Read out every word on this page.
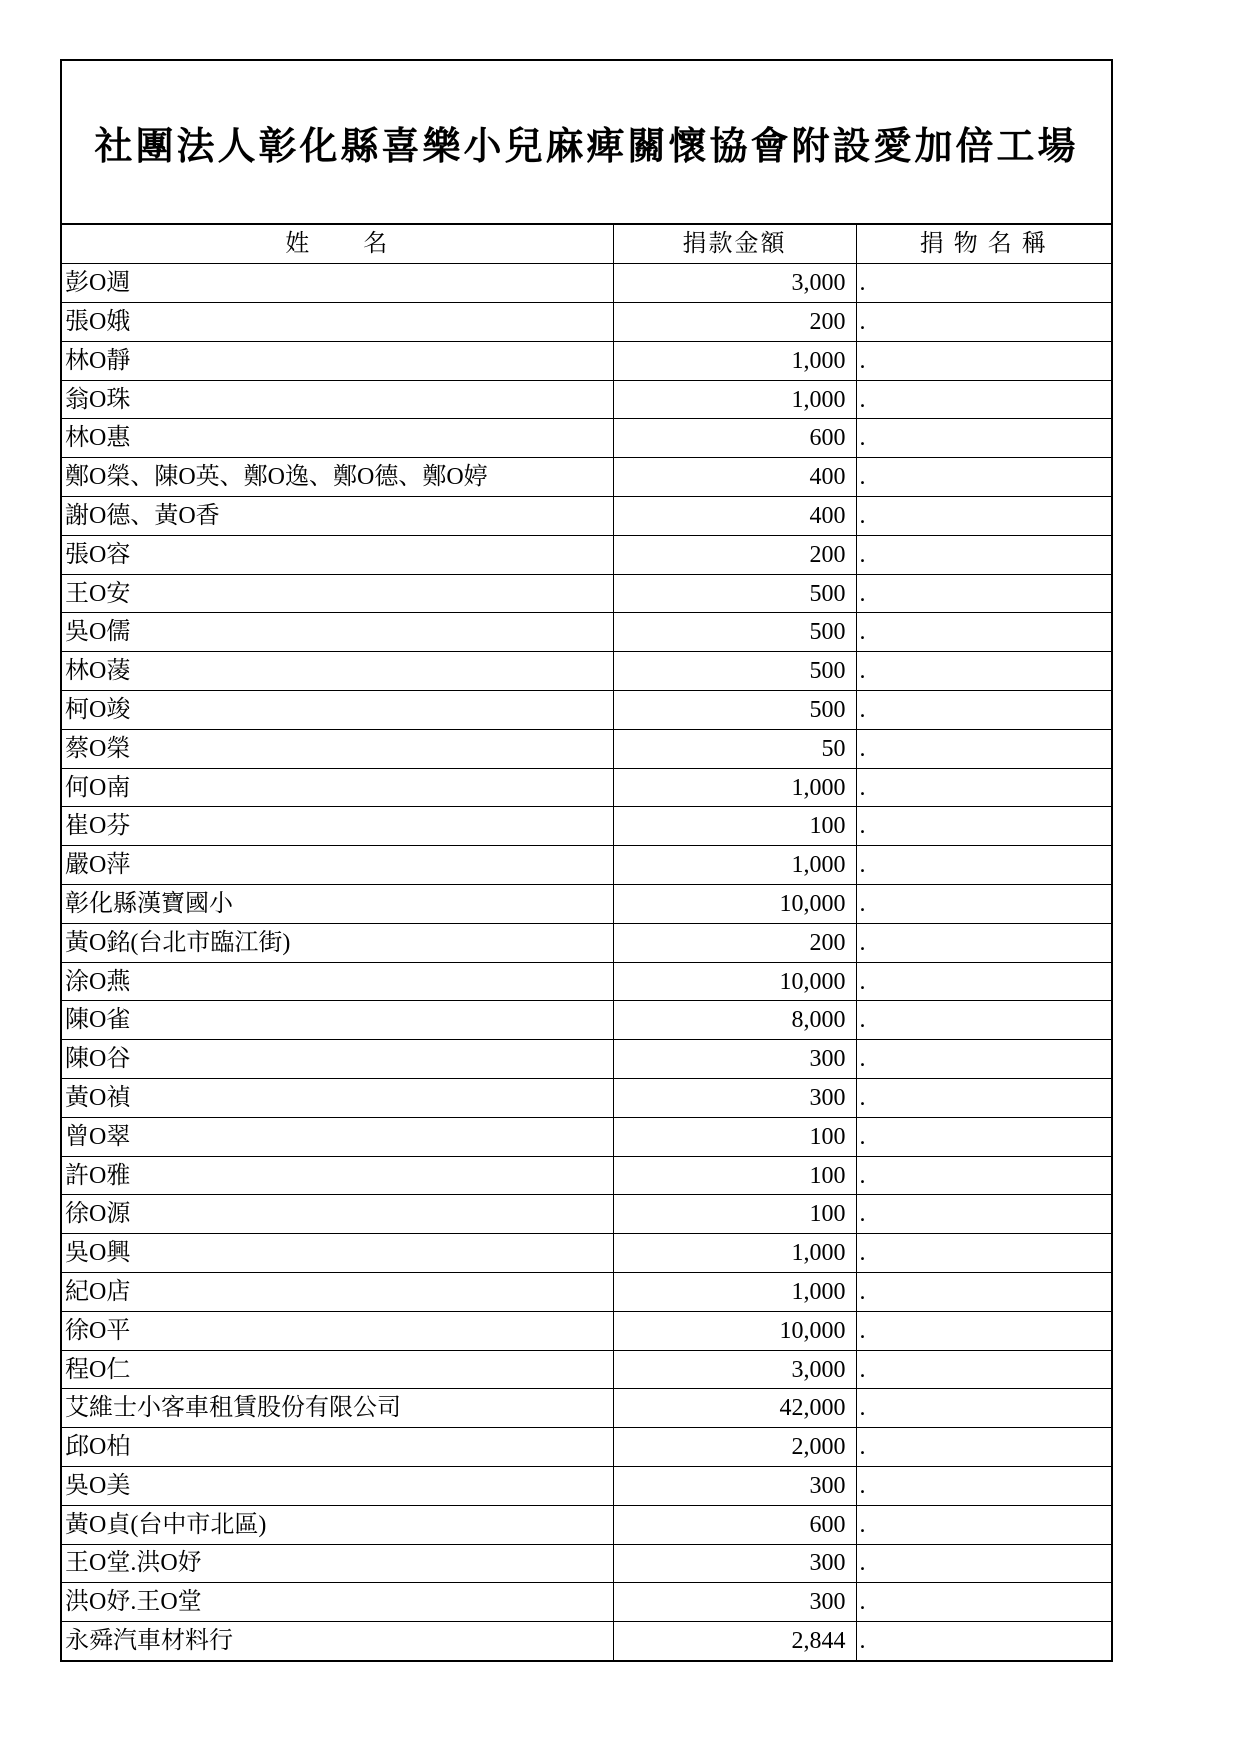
社團法人彰化縣喜樂小兒麻痺關懷協會附設愛加倍工場
姓　　名	捐款金額	捐 物 名 稱
彭O週	3,000	.
張O娥	200	.
林O靜	1,000	.
翁O珠	1,000	.
林O惠	600	.
鄭O榮、陳O英、鄭O逸、鄭O德、鄭O婷	400	.
謝O德、黃O香	400	.
張O容	200	.
王O安	500	.
吳O儒	500	.
林O蓤	500	.
柯O竣	500	.
蔡O榮	50	.
何O南	1,000	.
崔O芬	100	.
嚴O萍	1,000	.
彰化縣漢寶國小	10,000	.
黃O銘(台北市臨江街)	200	.
涂O燕	10,000	.
陳O雀	8,000	.
陳O谷	300	.
黃O禎	300	.
曾O翠	100	.
許O雅	100	.
徐O源	100	.
吳O興	1,000	.
紀O店	1,000	.
徐O平	10,000	.
程O仁	3,000	.
艾維士小客車租賃股份有限公司	42,000	.
邱O柏	2,000	.
吳O美	300	.
黃O貞(台中市北區)	600	.
王O堂.洪O妤	300	.
洪O妤.王O堂	300	.
永舜汽車材料行	2,844	.
